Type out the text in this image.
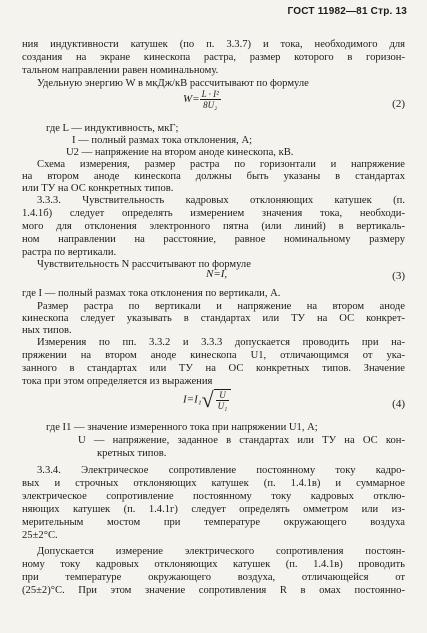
ГОСТ 11982—81 Стр. 13
ния индуктивности катушек (по п. 3.3.7) и тока, необходимого для
создания на экране кинескопа растра, размер которого в горизон-
тальном направлении равен номинальному.
Удельную энергию W в мкДж/кВ рассчитывают по формуле
$W= \frac{\text{L · I²}}{\text{8U₂}}$	(2)
где L — индуктивность, мкГ;
I — полный размах тока отклонения, А;
U2 — напряжение на втором аноде кинескопа, кВ.
Схема измерения, размер растра по горизонтали и напряжение
на втором аноде кинескопа должны быть указаны в стандартах
или ТУ на ОС конкретных типов.
3.3.3. Чувствительность кадровых отклоняющих катушек (п.
1.4.1б) следует определять измерением значения тока, необходи-
мого для отклонения электронного пятна (или линий) в вертикаль-
ном направлении на расстояние, равное номинальному размеру
растра по вертикали.
Чувствительность N рассчитывают по формуле
N=I,	(3)
где I — полный размах тока отклонения по вертикали, А.
Размер растра по вертикали и напряжение на втором аноде
кинескопа следует указывать в стандартах или ТУ на ОС конкрет-
ных типов.
Измерения по пп. 3.3.2 и 3.3.3 допускается проводить при на-
пряжении на втором аноде кинескопа U1, отличающимся от ука-
занного в стандартах или ТУ на ОС конкретных типов. Значение
тока при этом определяется из выражения
$I=I_1√ \frac{U}{\text{U₁}}$	(4)
где I1 — значение измеренного тока при напряжении U1, А;
U — напряжение, заданное в стандартах или ТУ на ОС кон-
кретных типов.
3.3.4. Электрическое сопротивление постоянному току кадро-
вых и строчных отклоняющих катушек (п. 1.4.1в) и суммарное
электрическое сопротивление постоянному току кадровых отклю-
няющих катушек (п. 1.4.1г) следует определять омметром или из-
мерительным мостом при температуре окружающего воздуха
25±2°С.
Допускается измерение электрического сопротивления постоян-
ному току кадровых отклоняющих катушек (п. 1.4.1в) проводить
при температуре окружающего воздуха, отличающейся от
(25±2)°С. При этом значение сопротивления R в омах постоянно-
